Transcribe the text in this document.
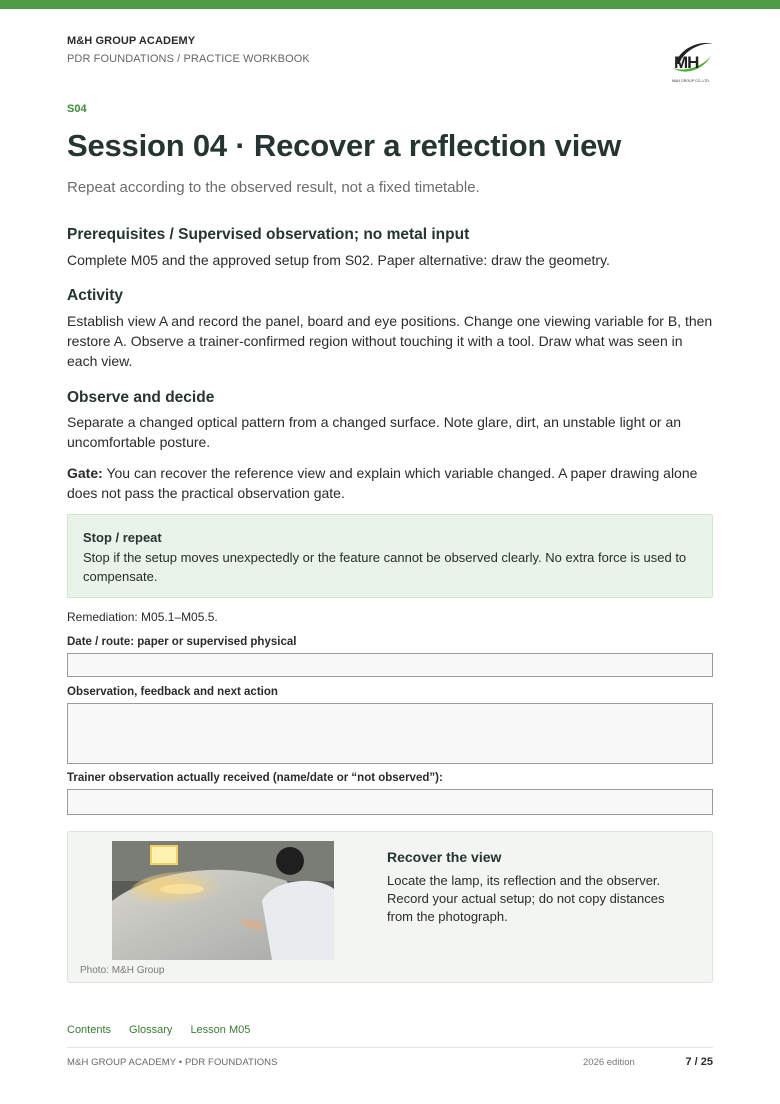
M&H GROUP ACADEMY
PDR FOUNDATIONS / PRACTICE WORKBOOK	MH
M&H GROUP CO.,LTD.
S04
Session 04 · Recover a reflection view
Repeat according to the observed result, not a fixed timetable.
Prerequisites / Supervised observation; no metal input
Complete M05 and the approved setup from S02. Paper alternative: draw the geometry.
Activity
Establish view A and record the panel, board and eye positions. Change one viewing variable for B, then restore A. Observe a trainer-confirmed region without touching it with a tool. Draw what was seen in each view.
Observe and decide
Separate a changed optical pattern from a changed surface. Note glare, dirt, an unstable light or an uncomfortable posture.
Gate: You can recover the reference view and explain which variable changed. A paper drawing alone does not pass the practical observation gate.
Stop / repeat
Stop if the setup moves unexpectedly or the feature cannot be observed clearly. No extra force is used to compensate.
Remediation: M05.1–M05.5.
Date / route: paper or supervised physical
Observation, feedback and next action
Trainer observation actually received (name/date or “not observed”):
Photo: M&H Group
Recover the view
Locate the lamp, its reflection and the observer. Record your actual setup; do not copy distances from the photograph.
Contents Glossary Lesson M05
M&H GROUP ACADEMY • PDR FOUNDATIONS	2026 edition	7 / 25
